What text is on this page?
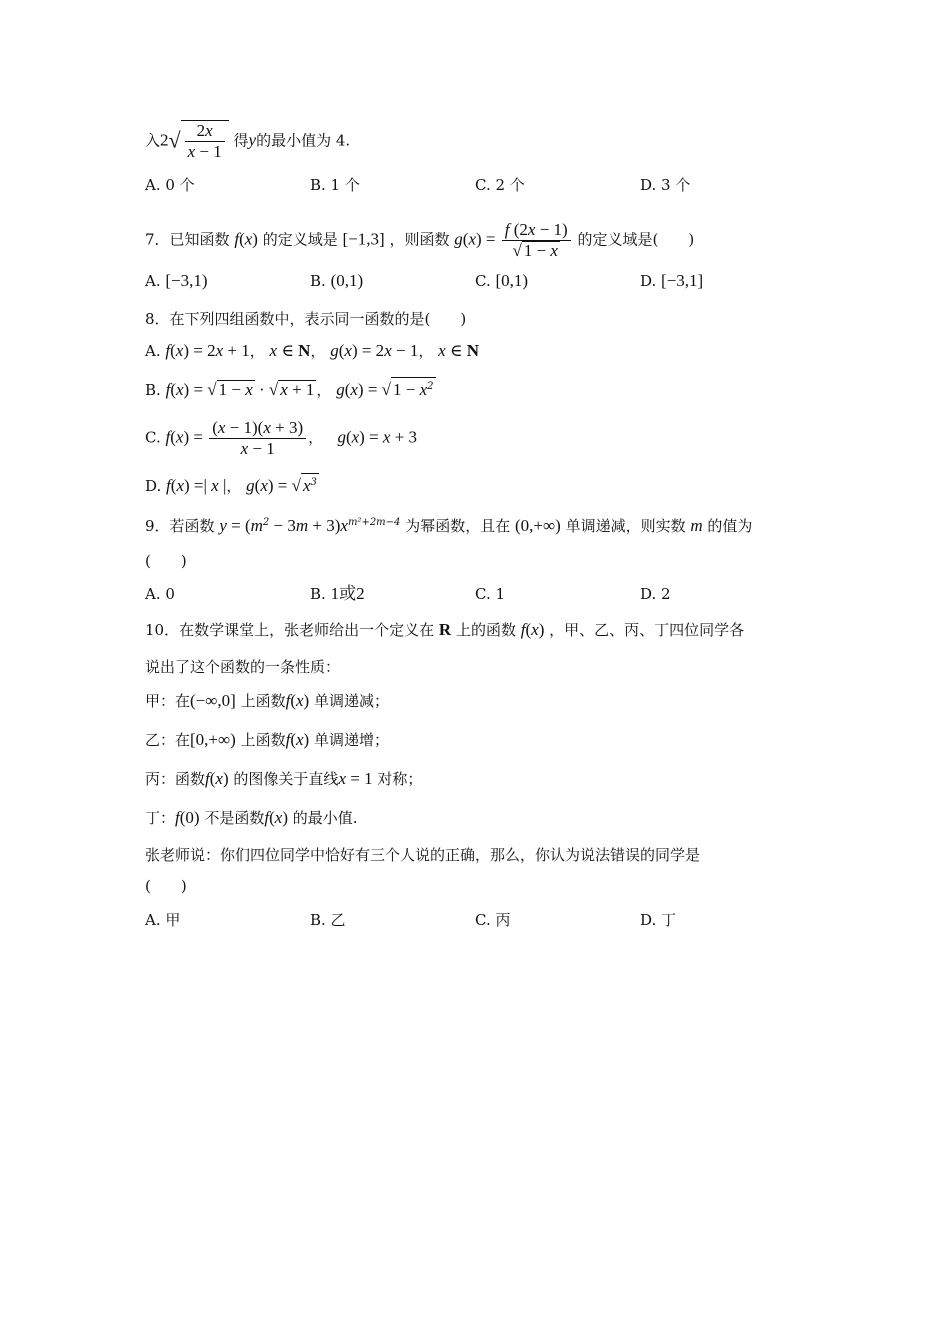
入$2√ \frac{2x}{x - 1}$ 得y的最小值为 4.
A. 0 个	B. 1 个	C. 2 个	D. 3 个
7．已知函数 f(x) 的定义域是 [−1,3] ，则函数 $g(x) = \frac{f (2x - 1)}{√ 1 - x}$ 的定义域是(　　)
A. [−3,1)	B. (0,1)	C. [0,1)	D. [−3,1]
8．在下列四组函数中，表示同一函数的是(　　)
A. f(x) = 2x + 1， x ∈ N， g(x) = 2x − 1， x ∈ N
B. f(x) = √ 1 − x · √ x + 1 ， g(x) = √ $1 - x^2$
C. $f(x) = \frac{(x - 1)(x + 3)}{x - 1}$ ，   g(x) = x + 3
D. f(x) =| x |， g(x) = √ $x^3$
9．若函数 $y = (m^2 - 3m + 3)x^{m^2+2m-4}$ 为幂函数，且在 (0,+∞) 单调递减，则实数 m 的值为
(　　)
A. 0	B. 1或2	C. 1	D. 2
10．在数学课堂上，张老师给出一个定义在 R 上的函数 f(x) ，甲、乙、丙、丁四位同学各
说出了这个函数的一条性质：
甲：在(−∞,0] 上函数f(x) 单调递减；
乙：在[0,+∞) 上函数f(x) 单调递增；
丙：函数f(x) 的图像关于直线x = 1 对称；
丁：f(0) 不是函数f(x) 的最小值.
张老师说：你们四位同学中恰好有三个人说的正确，那么，你认为说法错误的同学是
(　　)
A. 甲	B. 乙	C. 丙	D. 丁
